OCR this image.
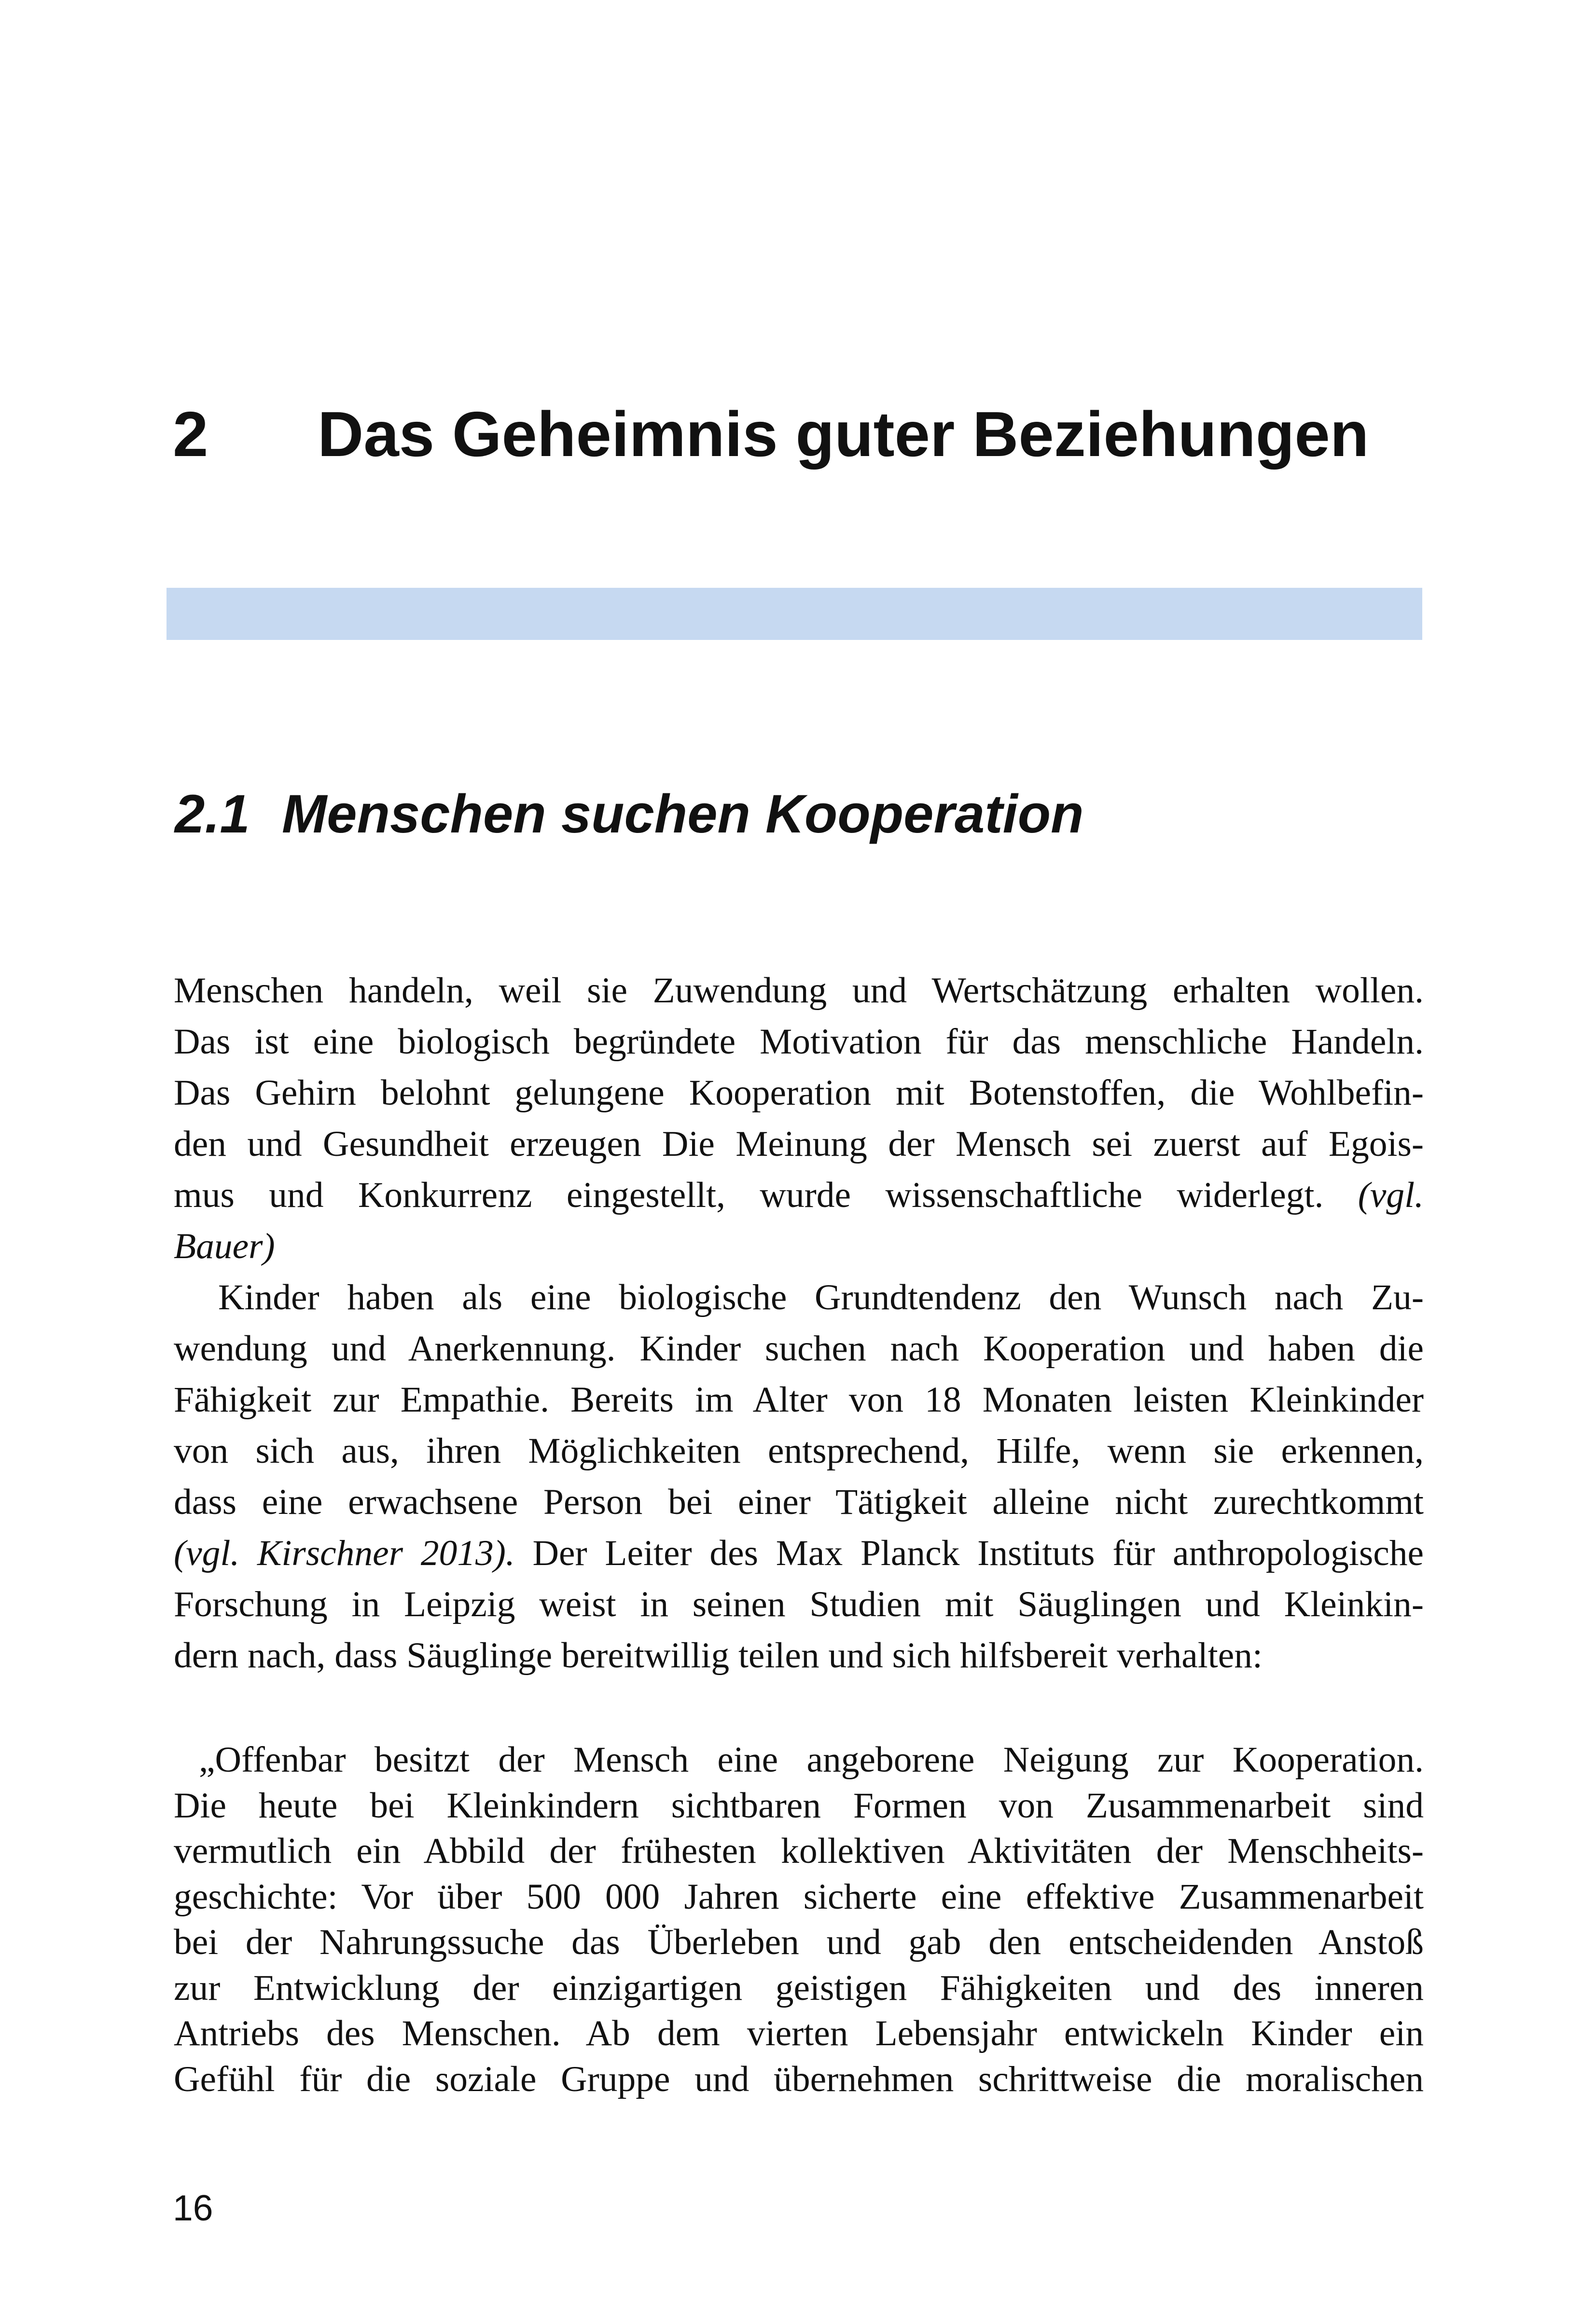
2 Das Geheimnis guter Beziehungen
2.1 Menschen suchen Kooperation
Menschen handeln, weil sie Zuwendung und Wertschätzung erhalten wollen.
Das ist eine biologisch begründete Motivation für das menschliche Handeln.
Das Gehirn belohnt gelungene Kooperation mit Botenstoffen, die Wohlbefin-
den und Gesundheit erzeugen Die Meinung der Mensch sei zuerst auf Egois-
mus und Konkurrenz eingestellt, wurde wissenschaftliche widerlegt. (vgl.
Bauer)
Kinder haben als eine biologische Grundtendenz den Wunsch nach Zu-
wendung und Anerkennung. Kinder suchen nach Kooperation und haben die
Fähigkeit zur Empathie. Bereits im Alter von 18 Monaten leisten Kleinkinder
von sich aus, ihren Möglichkeiten entsprechend, Hilfe, wenn sie erkennen,
dass eine erwachsene Person bei einer Tätigkeit alleine nicht zurechtkommt
(vgl. Kirschner 2013). Der Leiter des Max Planck Instituts für anthropologische
Forschung in Leipzig weist in seinen Studien mit Säuglingen und Kleinkin-
dern nach, dass Säuglinge bereitwillig teilen und sich hilfsbereit verhalten:
„Offenbar besitzt der Mensch eine angeborene Neigung zur Kooperation.
Die heute bei Kleinkindern sichtbaren Formen von Zusammenarbeit sind
vermutlich ein Abbild der frühesten kollektiven Aktivitäten der Menschheits-
geschichte: Vor über 500 000 Jahren sicherte eine effektive Zusammenarbeit
bei der Nahrungssuche das Überleben und gab den entscheidenden Anstoß
zur Entwicklung der einzigartigen geistigen Fähigkeiten und des inneren
Antriebs des Menschen. Ab dem vierten Lebensjahr entwickeln Kinder ein
Gefühl für die soziale Gruppe und übernehmen schrittweise die moralischen
16
